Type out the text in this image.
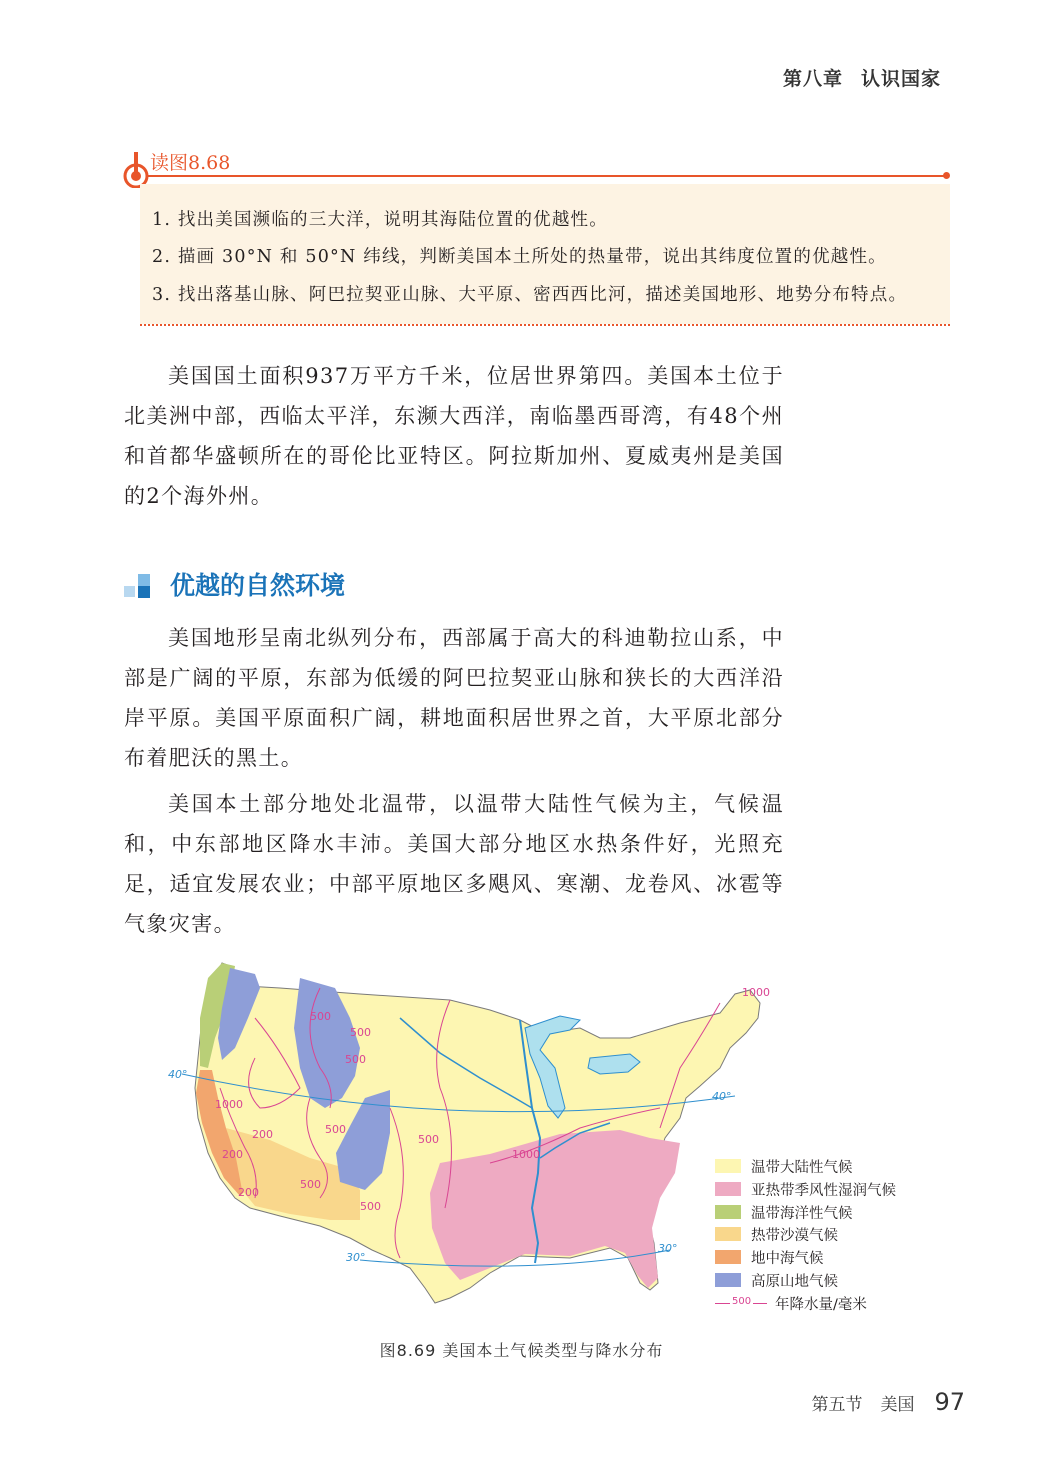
第八章 认识国家
读图8.68
1. 找出美国濒临的三大洋，说明其海陆位置的优越性。
2. 描画 30°N 和 50°N 纬线，判断美国本土所处的热量带，说出其纬度位置的优越性。
3. 找出落基山脉、阿巴拉契亚山脉、大平原、密西西比河，描述美国地形、地势分布特点。
美国国土面积937万平方千米，位居世界第四。美国本土位于北美洲中部，西临太平洋，东濒大西洋，南临墨西哥湾，有48个州和首都华盛顿所在的哥伦比亚特区。阿拉斯加州、夏威夷州是美国的2个海外州。
优越的自然环境
美国地形呈南北纵列分布，西部属于高大的科迪勒拉山系，中部是广阔的平原，东部为低缓的阿巴拉契亚山脉和狭长的大西洋沿岸平原。美国平原面积广阔，耕地面积居世界之首，大平原北部分布着肥沃的黑土。
美国本土部分地处北温带，以温带大陆性气候为主，气候温和，中东部地区降水丰沛。美国大部分地区水热条件好，光照充足，适宜发展农业；中部平原地区多飓风、寒潮、龙卷风、冰雹等气象灾害。
40°
40°
30°
30°
1000
500
500
500
500
1000
200
200
500
500
500
1000
200
温带大陆性气候
亚热带季风性湿润气候
温带海洋性气候
热带沙漠气候
地中海气候
高原山地气候
500 年降水量/毫米
图8.69 美国本土气候类型与降水分布
第五节 美国 97
